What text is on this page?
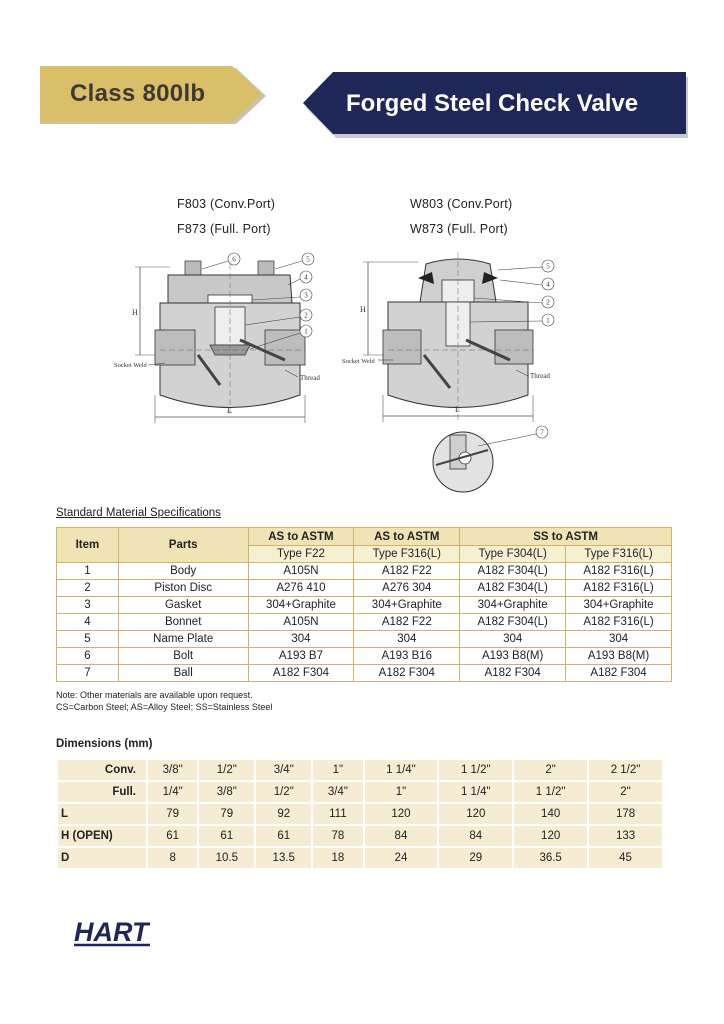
Class 800lb	Forged Steel Check Valve
F803 (Conv.Port)
F873 (Full. Port)
W803 (Conv.Port)
W873 (Full. Port)
H
L
Socket Weld
Thread
6	5
4
3
2
1
H
L
Socket Weld
Thread
5
4
2
1
7
Standard Material Specifications
Item	Parts	AS to ASTM	AS to ASTM	SS to ASTM	
		Type F22	Type F316(L)	Type F304(L)	Type F316(L)
1	Body	A105N	A182 F22	A182 F304(L)	A182 F316(L)
2	Piston Disc	A276 410	A276 304	A182 F304(L)	A182 F316(L)
3	Gasket	304+Graphite	304+Graphite	304+Graphite	304+Graphite
4	Bonnet	A105N	A182 F22	A182 F304(L)	A182 F316(L)
5	Name Plate	304	304	304	304
6	Bolt	A193 B7	A193 B16	A193 B8(M)	A193 B8(M)
7	Ball	A182 F304	A182 F304	A182 F304	A182 F304
Note: Other materials are available upon request.
CS=Carbon Steel; AS=Alloy Steel; SS=Stainless Steel
Dimensions (mm)
Conv.	3/8"	1/2"	3/4"	1"	1 1/4"	1 1/2"	2"	2 1/2"
Full.	1/4"	3/8"	1/2"	3/4"	1"	1 1/4"	1 1/2"	2"
L	79	79	92	111	120	120	140	178
H (OPEN)	61	61	61	78	84	84	120	133
D	8	10.5	13.5	18	24	29	36.5	45
HART
